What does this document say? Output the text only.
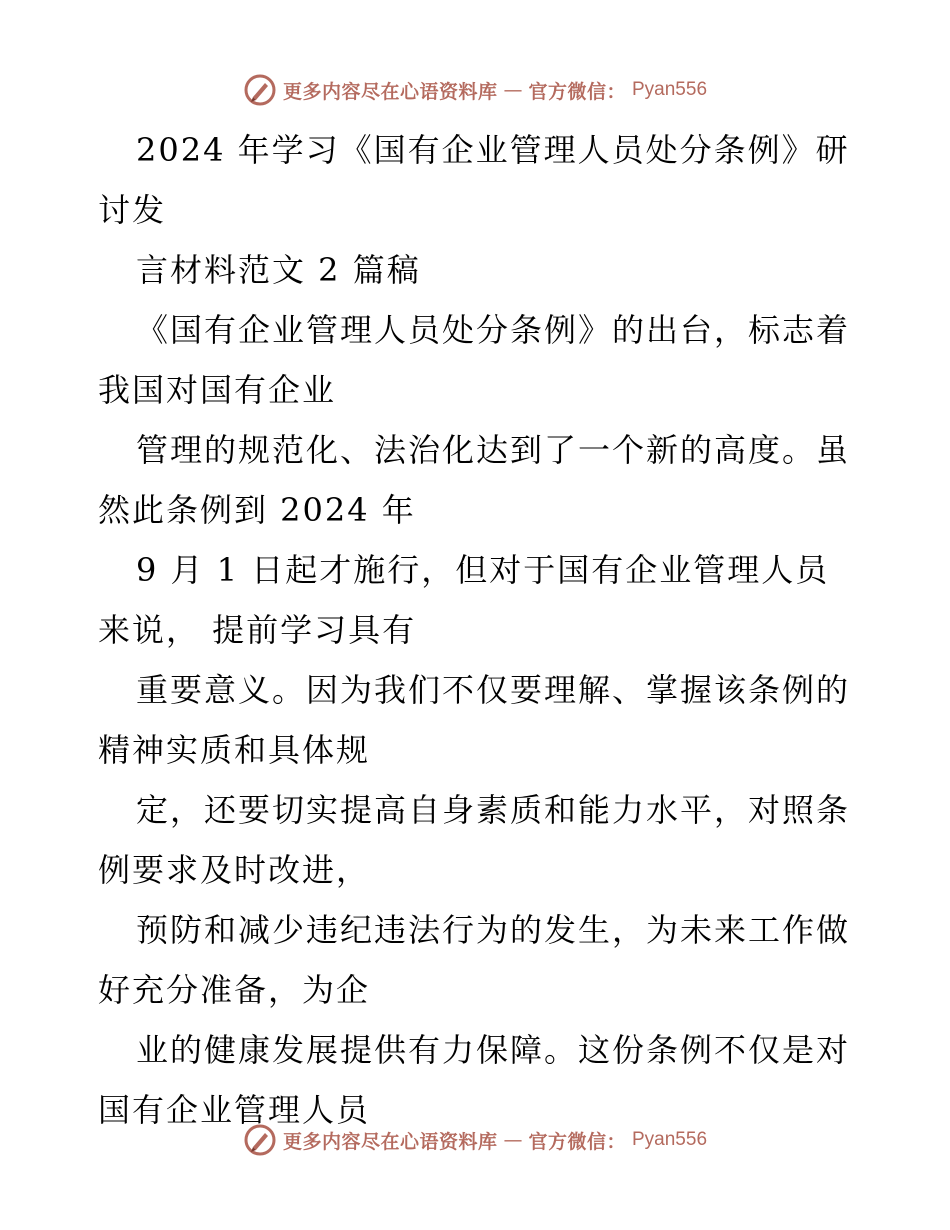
更多内容尽在心语资料库 — 官方微信： Pyan556
2024 年学习《国有企业管理人员处分条例》研
讨发
言材料范文 2 篇稿
《国有企业管理人员处分条例》的出台，标志着
我国对国有企业
管理的规范化、法治化达到了一个新的高度。虽
然此条例到 2024 年
9 月 1 日起才施行，但对于国有企业管理人员
来说， 提前学习具有
重要意义。因为我们不仅要理解、掌握该条例的
精神实质和具体规
定，还要切实提高自身素质和能力水平，对照条
例要求及时改进，
预防和减少违纪违法行为的发生，为未来工作做
好充分准备，为企
业的健康发展提供有力保障。这份条例不仅是对
国有企业管理人员
更多内容尽在心语资料库 — 官方微信： Pyan556
